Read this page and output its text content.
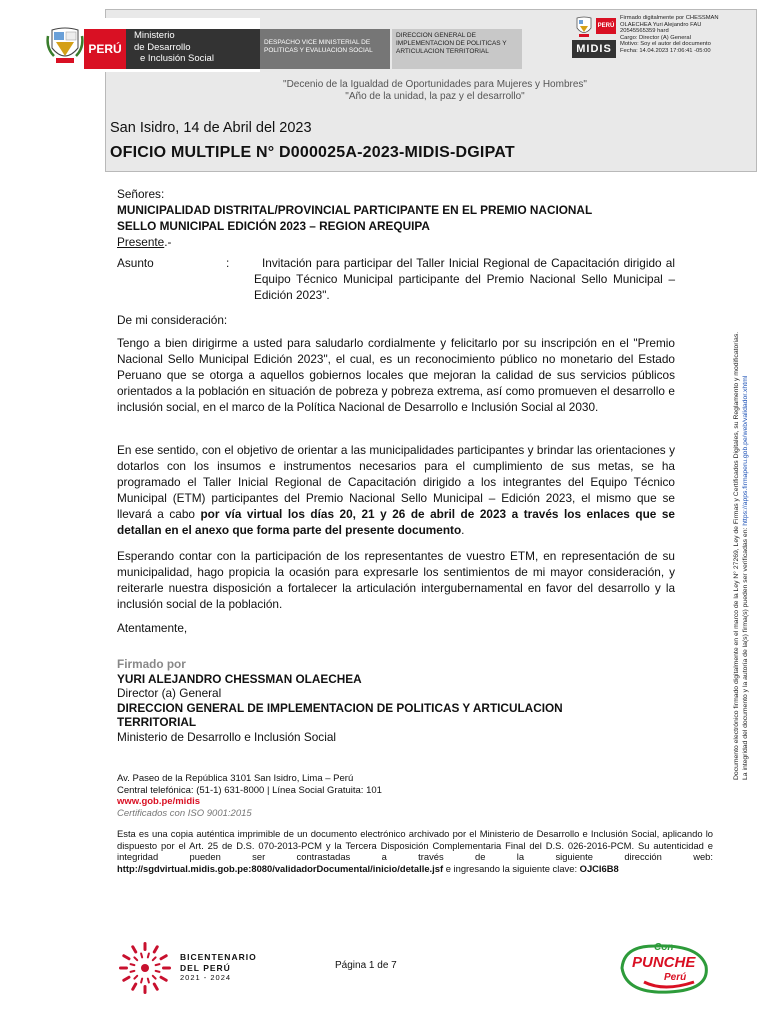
PERÚ
Ministerio
de Desarrollo
e Inclusión Social
DESPACHO VICE MINISTERIAL DE POLITICAS Y EVALUACION SOCIAL
DIRECCION GENERAL DE IMPLEMENTACION DE POLITICAS Y ARTICULACION TERRITORIAL
PERÚ
MIDIS
Firmado digitalmente por CHESSMAN
OLAECHEA Yuri Alejandro FAU
20545565359 hard
Cargo: Director (A) General
Motivo: Soy el autor del documento
Fecha: 14.04.2023 17:06:41 -05:00
"Decenio de la Igualdad de Oportunidades para Mujeres y Hombres"
"Año de la unidad, la paz y el desarrollo"
San Isidro, 14 de Abril del 2023
OFICIO MULTIPLE N° D000025A-2023-MIDIS-DGIPAT
Señores:
MUNICIPALIDAD DISTRITAL/PROVINCIAL PARTICIPANTE EN EL PREMIO NACIONAL
SELLO MUNICIPAL EDICIÓN 2023 – REGION AREQUIPA
Presente.-
Asunto	:	Invitación para participar del Taller Inicial Regional de Capacitación dirigido al Equipo Técnico Municipal participante del Premio Nacional Sello Municipal – Edición 2023".
De mi consideración:
Tengo a bien dirigirme a usted para saludarlo cordialmente y felicitarlo por su inscripción en el "Premio Nacional Sello Municipal Edición 2023", el cual, es un reconocimiento público no monetario del Estado Peruano que se otorga a aquellos gobiernos locales que mejoran la calidad de sus servicios públicos orientados a la población en situación de pobreza y pobreza extrema, así como promueven el desarrollo e inclusión social, en el marco de la Política Nacional de Desarrollo e Inclusión Social al 2030.
En ese sentido, con el objetivo de orientar a las municipalidades participantes y brindar las orientaciones y dotarlos con los insumos e instrumentos necesarios para el cumplimiento de sus metas, se ha programado el Taller Inicial Regional de Capacitación dirigido a los integrantes del Equipo Técnico Municipal (ETM) participantes del Premio Nacional Sello Municipal – Edición 2023, el mismo que se llevará a cabo por vía virtual los días 20, 21 y 26 de abril de 2023 a través los enlaces que se detallan en el anexo que forma parte del presente documento.
Esperando contar con la participación de los representantes de vuestro ETM, en representación de su municipalidad, hago propicia la ocasión para expresarle los sentimientos de mi mayor consideración, y reiterarle nuestra disposición a fortalecer la articulación intergubernamental en favor del desarrollo y la inclusión social de la población.
Atentamente,
Firmado por
YURI ALEJANDRO CHESSMAN OLAECHEA
Director (a) General
DIRECCION GENERAL DE IMPLEMENTACION DE POLITICAS Y ARTICULACION
TERRITORIAL
Ministerio de Desarrollo e Inclusión Social
Av. Paseo de la República 3101 San Isidro, Lima – Perú
Central telefónica: (51-1) 631-8000 | Línea Social Gratuita: 101
www.gob.pe/midis
Certificados con ISO 9001:2015
Esta es una copia auténtica imprimible de un documento electrónico archivado por el Ministerio de Desarrollo e Inclusión Social, aplicando lo dispuesto por el Art. 25 de D.S. 070-2013-PCM y la Tercera Disposición Complementaria Final del D.S. 026-2016-PCM. Su autenticidad e integridad pueden ser contrastadas a través de la siguiente dirección web: http://sgdvirtual.midis.gob.pe:8080/validadorDocumental/inicio/detalle.jsf e ingresando la siguiente clave: OJCI6B8
Documento electrónico firmado digitalmente en el marco de la Ley N° 27269, Ley de Firmas y Certificados Digitales, su Reglamento y modificatorias. La integridad del documento y la autoría de la(s) firma(s) pueden ser verificadas en: https://apps.firmaperu.gob.pe/web/validador.xhtml
BICENTENARIO
DEL PERÚ
2021 - 2024
Página 1 de 7
Con
PUNCHE
Perú
